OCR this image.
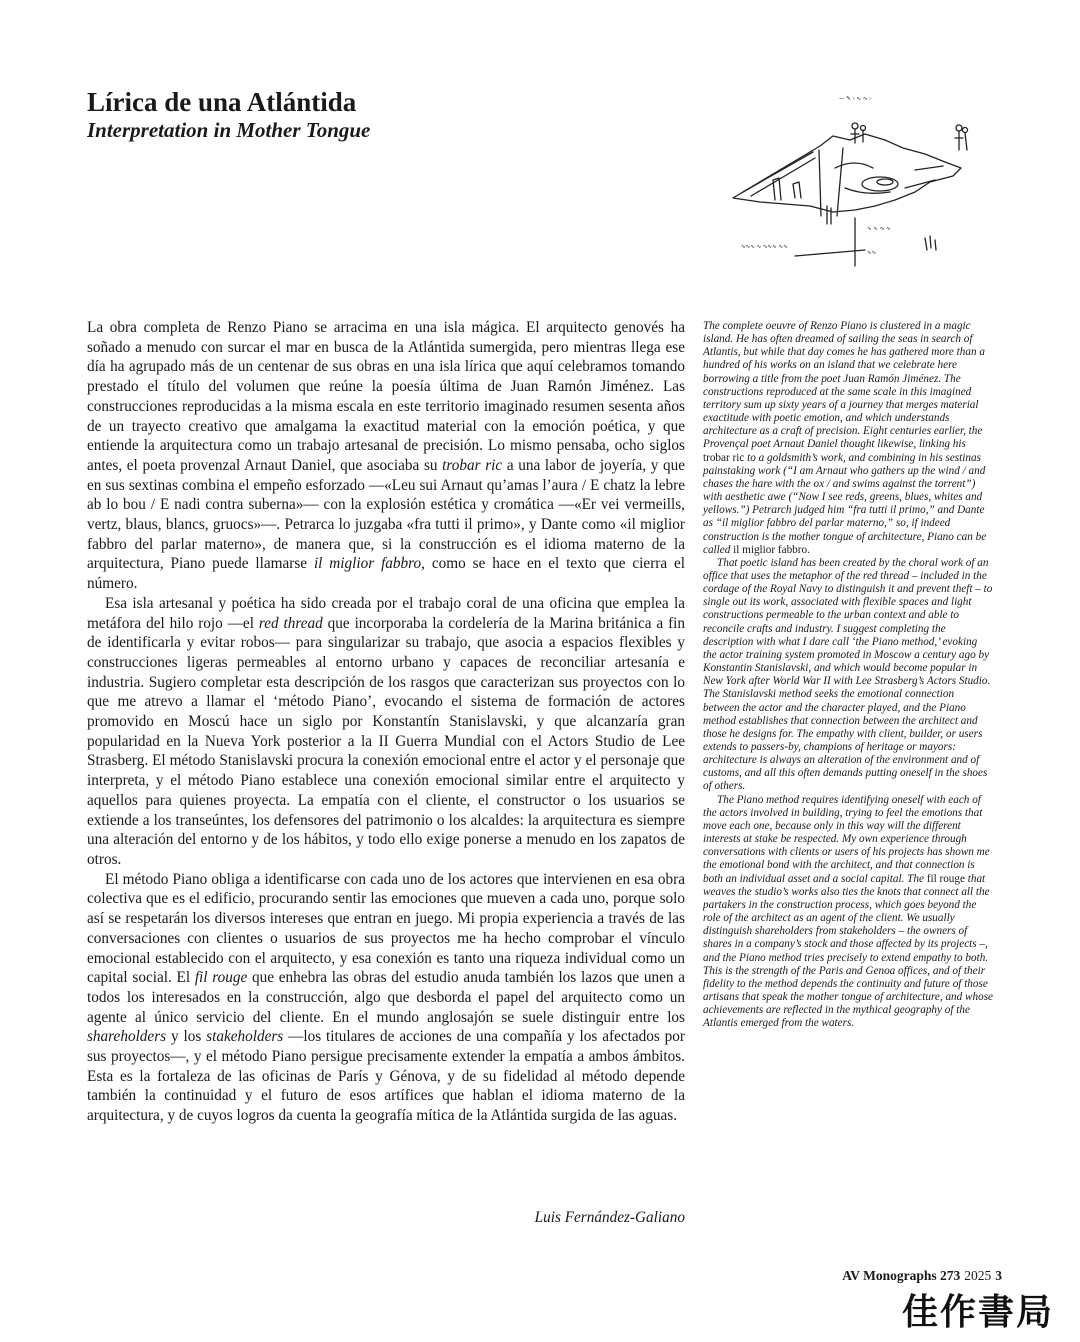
Lírica de una Atlántida
Interpretation in Mother Tongue
— ✎ ‹ ∿ ∿ ›
∿ ∿ ∿ ∿
∿∿∿ ∿ ∿∿∿ ∿∿
∿∿

La obra completa de Renzo Piano se arracima en una isla mágica. El arquitecto genovés ha soñado a menudo con surcar el mar en busca de la Atlántida sumergida, pero mientras llega ese día ha agrupado más de un centenar de sus obras en una isla lírica que aquí celebramos tomando prestado el título del volumen que reúne la poesía última de Juan Ramón Jiménez. Las construcciones reproducidas a la misma escala en este territorio imaginado resumen sesenta años de un trayecto creativo que amalgama la exactitud material con la emoción poética, y que entiende la arquitectura como un trabajo artesanal de precisión. Lo mismo pensaba, ocho siglos antes, el poeta provenzal Arnaut Daniel, que asociaba su trobar ric a una labor de joyería, y que en sus sextinas combina el empeño esforzado —«Leu sui Arnaut qu’amas l’aura / E chatz la lebre ab lo bou / E nadi contra suberna»— con la explosión estética y cromática —«Er vei vermeills, vertz, blaus, blancs, gruocs»—. Petrarca lo juzgaba «fra tutti il primo», y Dante como «il miglior fabbro del parlar materno», de manera que, si la construcción es el idioma materno de la arquitectura, Piano puede llamarse il miglior fabbro, como se hace en el texto que cierra el número.

Esa isla artesanal y poética ha sido creada por el trabajo coral de una oficina que emplea la metáfora del hilo rojo —el red thread que incorporaba la cordelería de la Marina británica a fin de identificarla y evitar robos— para singularizar su trabajo, que asocia a espacios flexibles y construcciones ligeras permeables al entorno urbano y capaces de reconciliar artesanía e industria. Sugiero completar esta descripción de los rasgos que caracterizan sus proyectos con lo que me atrevo a llamar el ‘método Piano’, evocando el sistema de formación de actores promovido en Moscú hace un siglo por Konstantín Stanislavski, y que alcanzaría gran popularidad en la Nueva York posterior a la II Guerra Mundial con el Actors Studio de Lee Strasberg. El método Stanislavski procura la conexión emocional entre el actor y el personaje que interpreta, y el método Piano establece una conexión emocional similar entre el arquitecto y aquellos para quienes proyecta. La empatía con el cliente, el constructor o los usuarios se extiende a los transeúntes, los defensores del patrimonio o los alcaldes: la arquitectura es siempre una alteración del entorno y de los hábitos, y todo ello exige ponerse a menudo en los zapatos de otros.

El método Piano obliga a identificarse con cada uno de los actores que intervienen en esa obra colectiva que es el edificio, procurando sentir las emociones que mueven a cada uno, porque solo así se respetarán los diversos intereses que entran en juego. Mi propia experiencia a través de las conversaciones con clientes o usuarios de sus proyectos me ha hecho comprobar el vínculo emocional establecido con el arquitecto, y esa conexión es tanto una riqueza individual como un capital social. El fil rouge que enhebra las obras del estudio anuda también los lazos que unen a todos los interesados en la construcción, algo que desborda el papel del arquitecto como un agente al único servicio del cliente. En el mundo anglosajón se suele distinguir entre los shareholders y los stakeholders —los titulares de acciones de una compañía y los afectados por sus proyectos—, y el método Piano persigue precisamente extender la empatía a ambos ámbitos. Esta es la fortaleza de las oficinas de París y Génova, y de su fidelidad al método depende también la continuidad y el futuro de esos artífices que hablan el idioma materno de la arquitectura, y de cuyos logros da cuenta la geografía mítica de la Atlántida surgida de las aguas.

Luis Fernández-Galiano

The complete oeuvre of Renzo Piano is clustered in a magic island. He has often dreamed of sailing the seas in search of Atlantis, but while that day comes he has gathered more than a hundred of his works on an island that we celebrate here borrowing a title from the poet Juan Ramón Jiménez. The constructions reproduced at the same scale in this imagined territory sum up sixty years of a journey that merges material exactitude with poetic emotion, and which understands architecture as a craft of precision. Eight centuries earlier, the Provençal poet Arnaut Daniel thought likewise, linking his trobar ric to a goldsmith’s work, and combining in his sestinas painstaking work (“I am Arnaut who gathers up the wind / and chases the hare with the ox / and swims against the torrent”) with aesthetic awe (“Now I see reds, greens, blues, whites and yellows.”) Petrarch judged him “fra tutti il primo,” and Dante as “il miglior fabbro del parlar materno,” so, if indeed construction is the mother tongue of architecture, Piano can be called il miglior fabbro.

That poetic island has been created by the choral work of an office that uses the metaphor of the red thread – included in the cordage of the Royal Navy to distinguish it and prevent theft – to single out its work, associated with flexible spaces and light constructions permeable to the urban context and able to reconcile crafts and industry. I suggest completing the description with what I dare call ‘the Piano method,’ evoking the actor training system promoted in Moscow a century ago by Konstantin Stanislavski, and which would become popular in New York after World War II with Lee Strasberg’s Actors Studio. The Stanislavski method seeks the emotional connection between the actor and the character played, and the Piano method establishes that connection between the architect and those he designs for. The empathy with client, builder, or users extends to passers-by, champions of heritage or mayors: architecture is always an alteration of the environment and of customs, and all this often demands putting oneself in the shoes of others.

The Piano method requires identifying oneself with each of the actors involved in building, trying to feel the emotions that move each one, because only in this way will the different interests at stake be respected. My own experience through conversations with clients or users of his projects has shown me the emotional bond with the architect, and that connection is both an individual asset and a social capital. The fil rouge that weaves the studio’s works also ties the knots that connect all the partakers in the construction process, which goes beyond the role of the architect as an agent of the client. We usually distinguish shareholders from stakeholders – the owners of shares in a company’s stock and those affected by its projects –, and the Piano method tries precisely to extend empathy to both. This is the strength of the Paris and Genoa offices, and of their fidelity to the method depends the continuity and future of those artisans that speak the mother tongue of architecture, and whose achievements are reflected in the mythical geography of the Atlantis emerged from the waters.

AV Monographs 273 2025 3
佳作書局
